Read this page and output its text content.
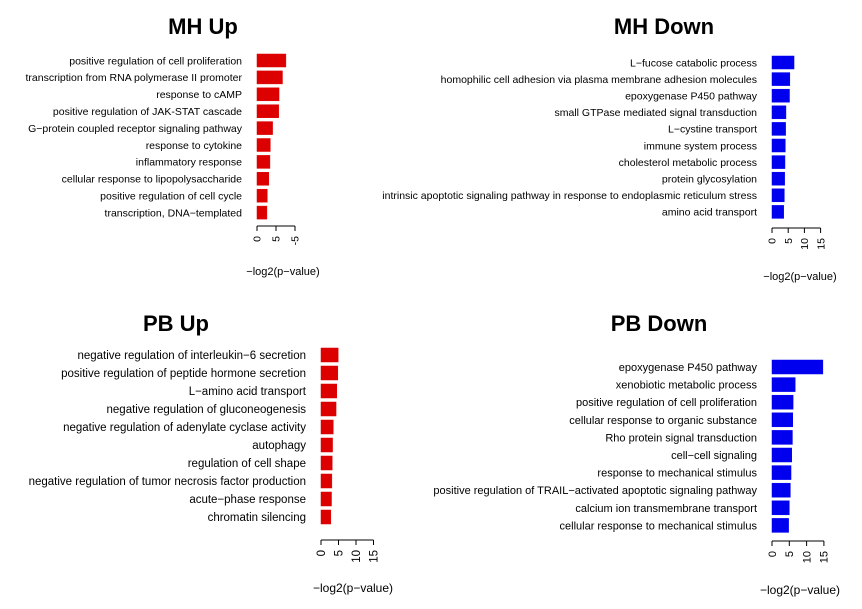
MH Up
positive regulation of cell proliferation
transcription from RNA polymerase II promoter
response to cAMP
positive regulation of JAK-STAT cascade
G−protein coupled receptor signaling pathway
response to cytokine
inflammatory response
cellular response to lipopolysaccharide
positive regulation of cell cycle
transcription, DNA−templated
0 5 -5
−log2(p−value)
MH Down
L−fucose catabolic process
homophilic cell adhesion via plasma membrane adhesion molecules
epoxygenase P450 pathway
small GTPase mediated signal transduction
L−cystine transport
immune system process
cholesterol metabolic process
protein glycosylation
intrinsic apoptotic signaling pathway in response to endoplasmic reticulum stress
amino acid transport
0 5 10 15
−log2(p−value)
PB Up
negative regulation of interleukin−6 secretion
positive regulation of peptide hormone secretion
L−amino acid transport
negative regulation of gluconeogenesis
negative regulation of adenylate cyclase activity
autophagy
regulation of cell shape
negative regulation of tumor necrosis factor production
acute−phase response
chromatin silencing
0 5 10 15
−log2(p−value)
PB Down
epoxygenase P450 pathway
xenobiotic metabolic process
positive regulation of cell proliferation
cellular response to organic substance
Rho protein signal transduction
cell−cell signaling
response to mechanical stimulus
positive regulation of TRAIL−activated apoptotic signaling pathway
calcium ion transmembrane transport
cellular response to mechanical stimulus
0 5 10 15
−log2(p−value)
